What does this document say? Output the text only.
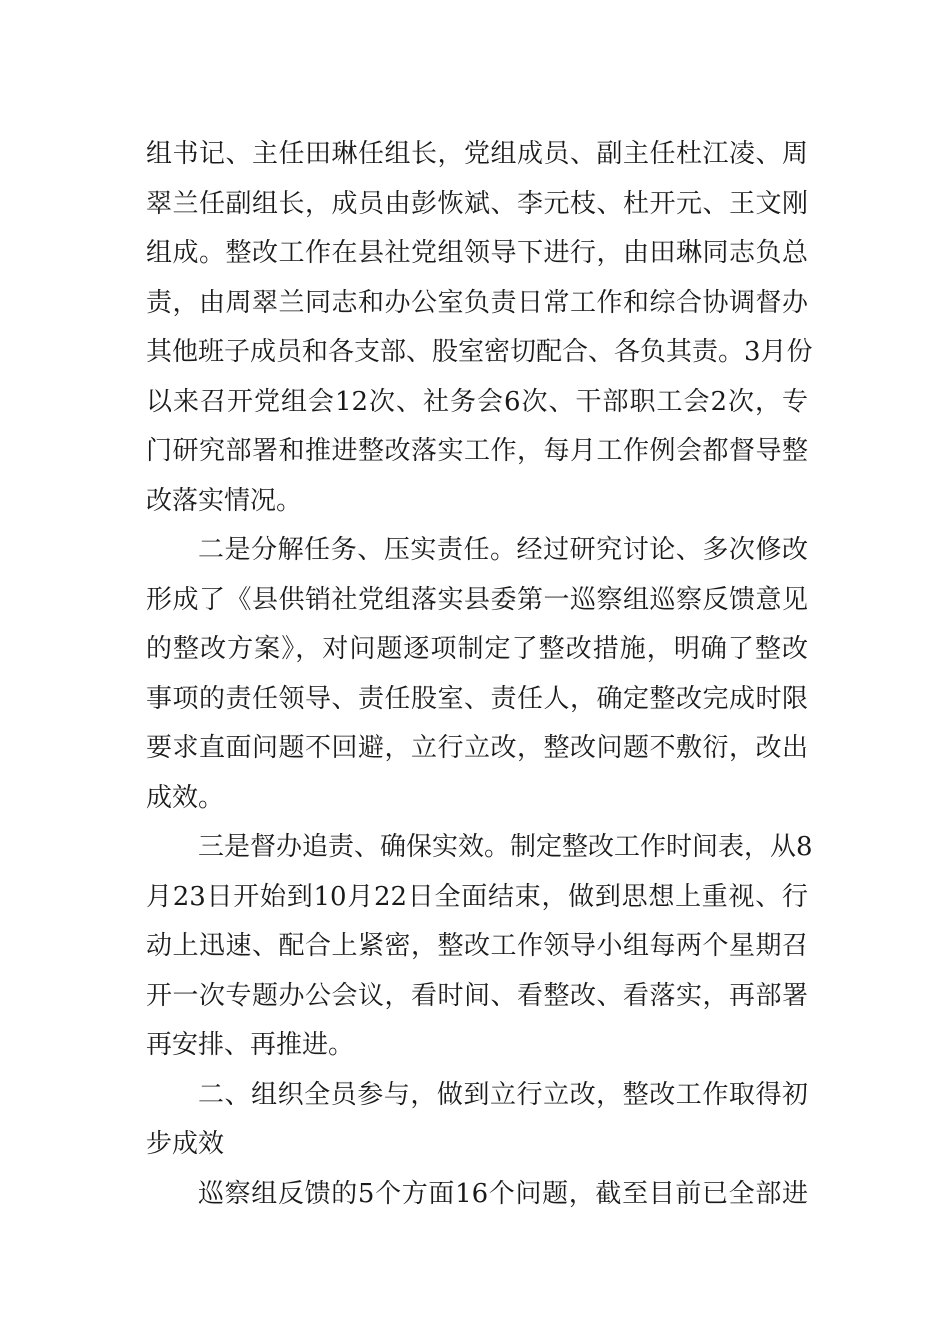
组书记、主任田琳任组长，党组成员、副主任杜江凌、周
翠兰任副组长，成员由彭恢斌、李元枝、杜开元、王文刚
组成。整改工作在县社党组领导下进行，由田琳同志负总
责，由周翠兰同志和办公室负责日常工作和综合协调督办
其他班子成员和各支部、股室密切配合、各负其责。3月份
以来召开党组会12次、社务会6次、干部职工会2次，专
门研究部署和推进整改落实工作，每月工作例会都督导整
改落实情况。

二是分解任务、压实责任。经过研究讨论、多次修改
形成了《县供销社党组落实县委第一巡察组巡察反馈意见
的整改方案》，对问题逐项制定了整改措施，明确了整改
事项的责任领导、责任股室、责任人，确定整改完成时限
要求直面问题不回避，立行立改，整改问题不敷衍，改出
成效。

三是督办追责、确保实效。制定整改工作时间表，从8
月23日开始到10月22日全面结束，做到思想上重视、行
动上迅速、配合上紧密，整改工作领导小组每两个星期召
开一次专题办公会议，看时间、看整改、看落实，再部署
再安排、再推进。

二、组织全员参与，做到立行立改，整改工作取得初
步成效

巡察组反馈的5个方面16个问题，截至目前已全部进
